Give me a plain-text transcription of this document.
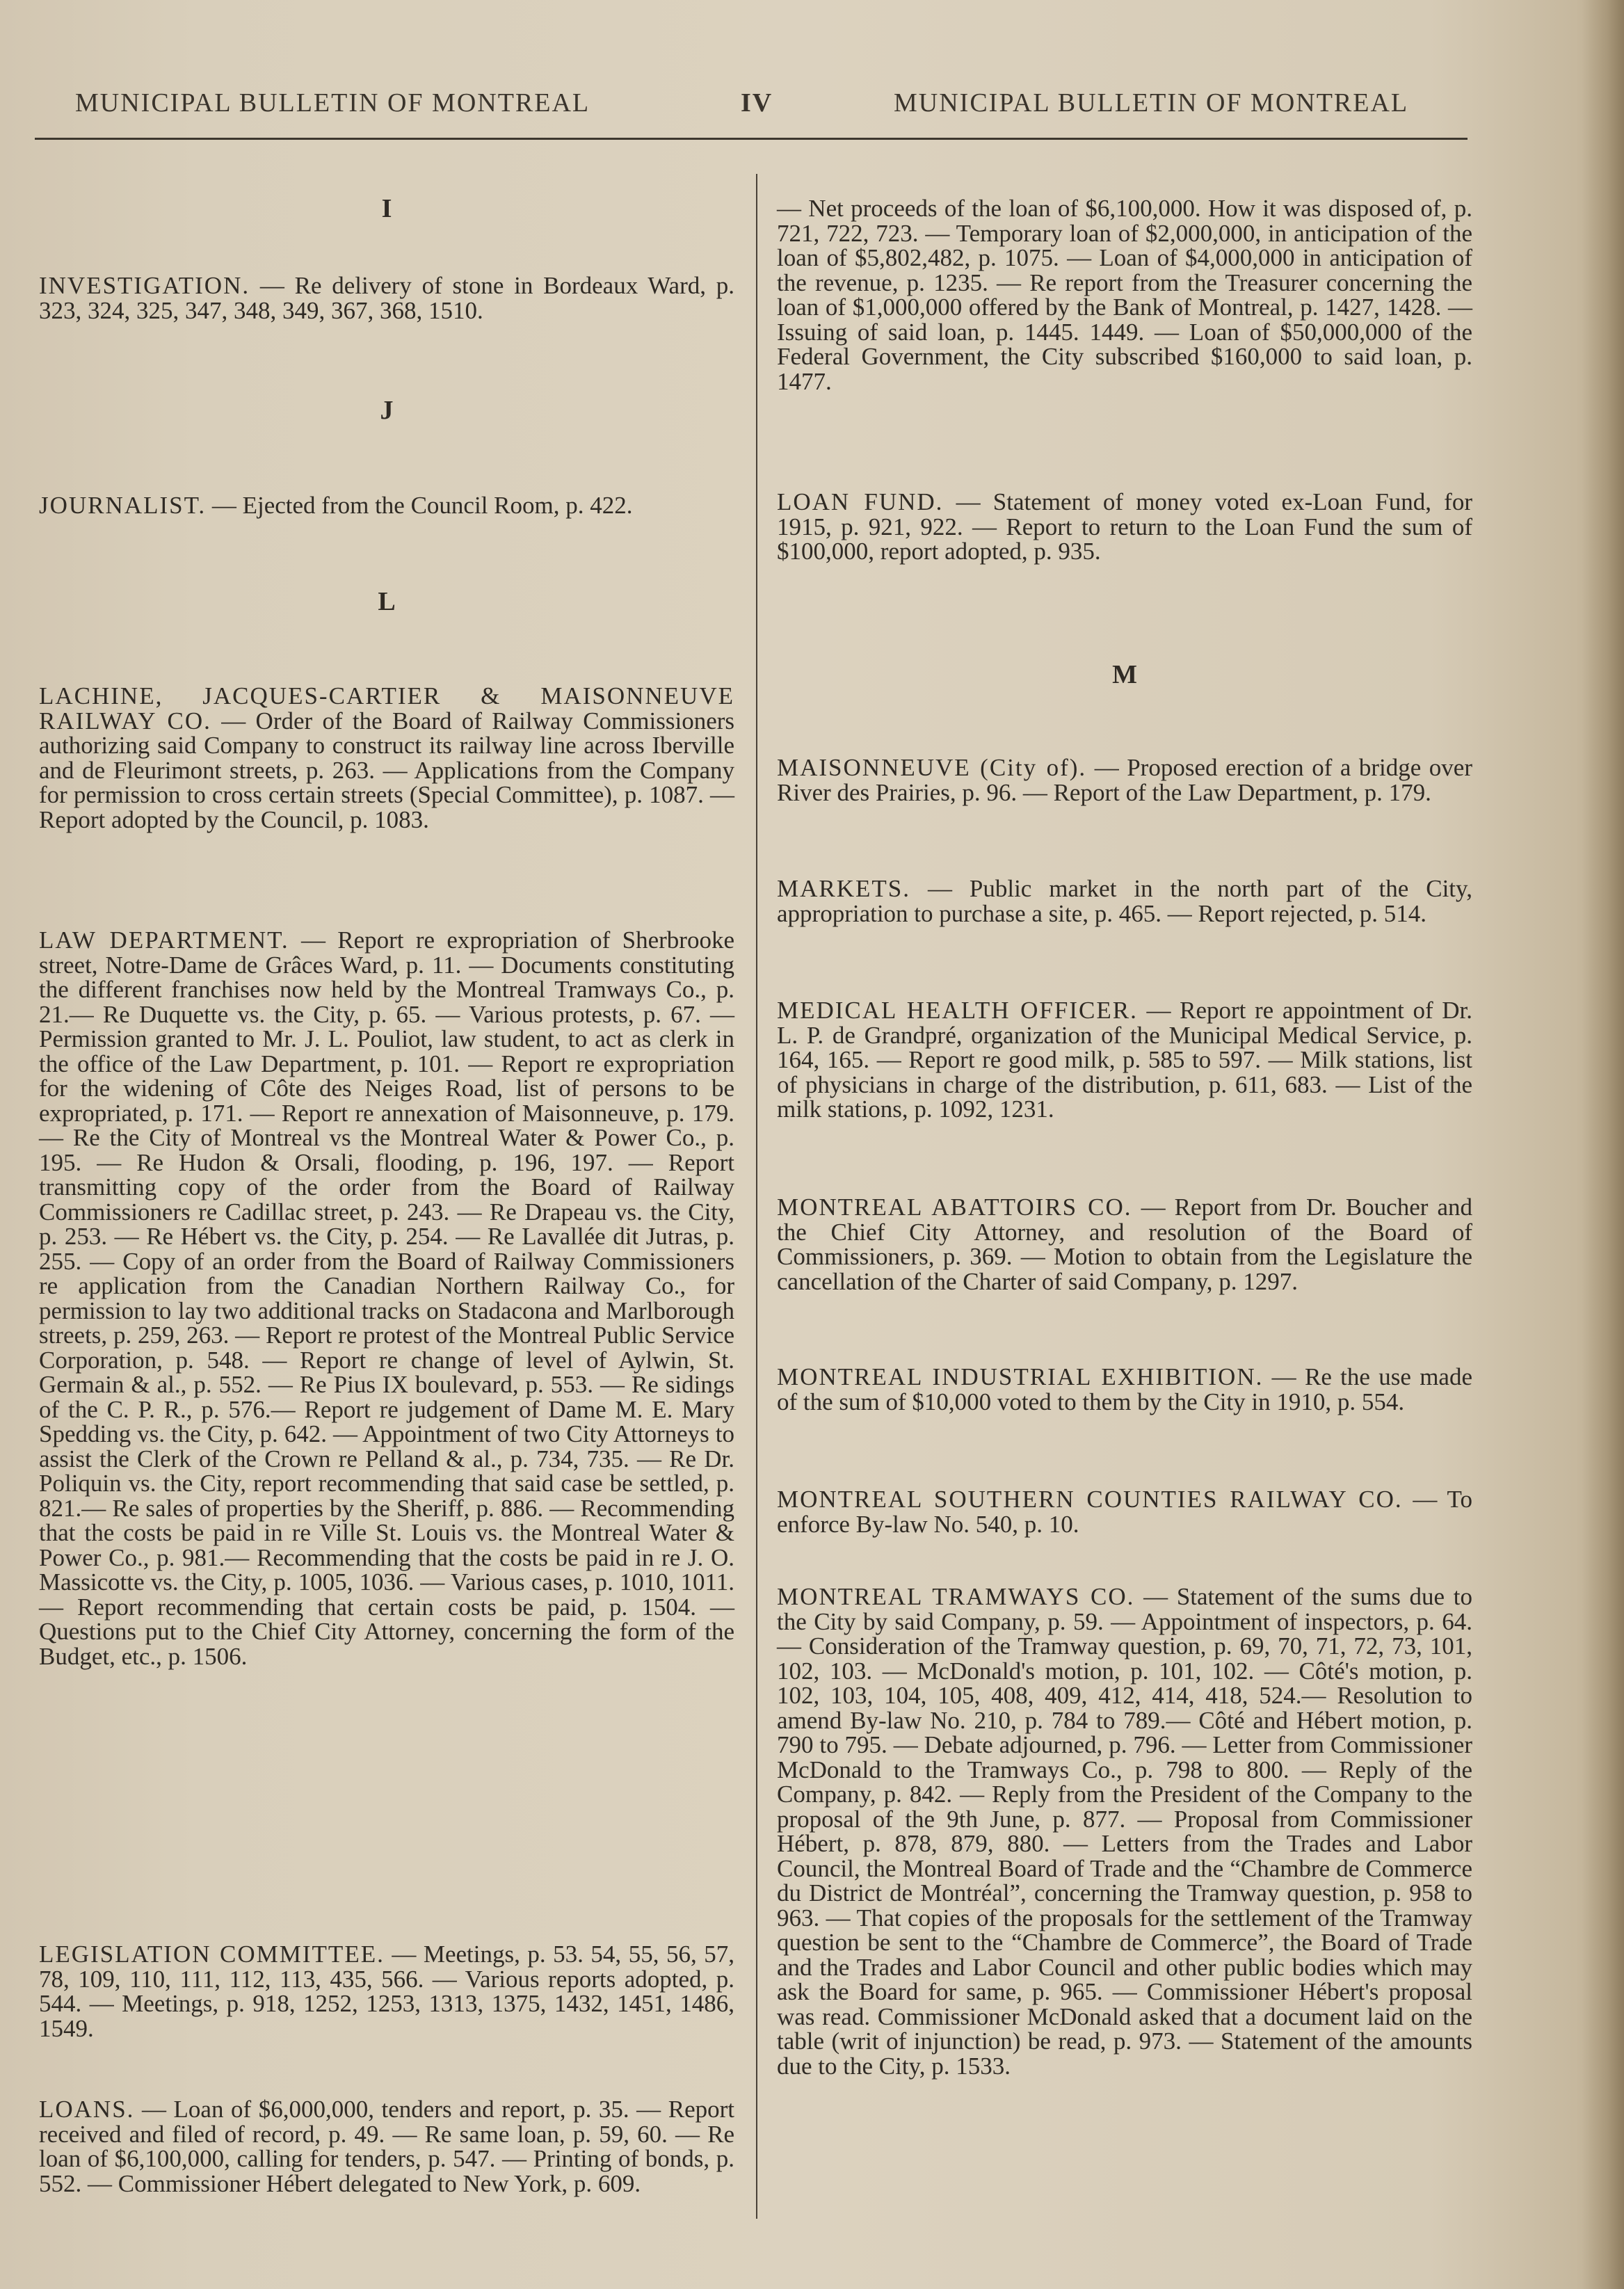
MUNICIPAL BULLETIN OF MONTREAL	IV	MUNICIPAL BULLETIN OF MONTREAL
I
INVESTIGATION. — Re delivery of stone in Bordeaux Ward, p. 323, 324, 325, 347, 348, 349, 367, 368, 1510.
J
JOURNALIST. — Ejected from the Council Room, p. 422.
L
LACHINE, JACQUES-CARTIER & MAISONNEUVE RAILWAY CO. — Order of the Board of Railway Commissioners authorizing said Company to construct its railway line across Iberville and de Fleurimont streets, p. 263. — Applications from the Company for permission to cross certain streets (Special Committee), p. 1087. — Report adopted by the Council, p. 1083.
LAW DEPARTMENT. — Report re expropriation of Sherbrooke street, Notre-Dame de Grâces Ward, p. 11. — Documents constituting the different franchises now held by the Montreal Tramways Co., p. 21.— Re Duquette vs. the City, p. 65. — Various protests, p. 67. — Permission granted to Mr. J. L. Pouliot, law student, to act as clerk in the office of the Law Department, p. 101. — Report re expropriation for the widening of Côte des Neiges Road, list of persons to be expropriated, p. 171. — Report re annexation of Maisonneuve, p. 179. — Re the City of Montreal vs the Montreal Water & Power Co., p. 195. — Re Hudon & Orsali, flooding, p. 196, 197. — Report transmitting copy of the order from the Board of Railway Commissioners re Cadillac street, p. 243. — Re Drapeau vs. the City, p. 253. — Re Hébert vs. the City, p. 254. — Re Lavallée dit Jutras, p. 255. — Copy of an order from the Board of Railway Commissioners re application from the Canadian Northern Railway Co., for permission to lay two additional tracks on Stadacona and Marlborough streets, p. 259, 263. — Report re protest of the Montreal Public Service Corporation, p. 548. — Report re change of level of Aylwin, St. Germain & al., p. 552. — Re Pius IX boulevard, p. 553. — Re sidings of the C. P. R., p. 576.— Report re judgement of Dame M. E. Mary Spedding vs. the City, p. 642. — Appointment of two City Attorneys to assist the Clerk of the Crown re Pelland & al., p. 734, 735. — Re Dr. Poliquin vs. the City, report recommending that said case be settled, p. 821.— Re sales of properties by the Sheriff, p. 886. — Recommending that the costs be paid in re Ville St. Louis vs. the Montreal Water & Power Co., p. 981.— Recommending that the costs be paid in re J. O. Massicotte vs. the City, p. 1005, 1036. — Various cases, p. 1010, 1011. — Report recommending that certain costs be paid, p. 1504. — Questions put to the Chief City Attorney, concerning the form of the Budget, etc., p. 1506.
LEGISLATION COMMITTEE. — Meetings, p. 53. 54, 55, 56, 57, 78, 109, 110, 111, 112, 113, 435, 566. — Various reports adopted, p. 544. — Meetings, p. 918, 1252, 1253, 1313, 1375, 1432, 1451, 1486, 1549.
LOANS. — Loan of $6,000,000, tenders and report, p. 35. — Report received and filed of record, p. 49. — Re same loan, p. 59, 60. — Re loan of $6,100,000, calling for tenders, p. 547. — Printing of bonds, p. 552. — Commissioner Hébert delegated to New York, p. 609.
— Net proceeds of the loan of $6,100,000. How it was disposed of, p. 721, 722, 723. — Temporary loan of $2,000,000, in anticipation of the loan of $5,802,482, p. 1075. — Loan of $4,000,000 in anticipation of the revenue, p. 1235. — Re report from the Treasurer concerning the loan of $1,000,000 offered by the Bank of Montreal, p. 1427, 1428. — Issuing of said loan, p. 1445. 1449. — Loan of $50,000,000 of the Federal Government, the City subscribed $160,000 to said loan, p. 1477.
LOAN FUND. — Statement of money voted ex-Loan Fund, for 1915, p. 921, 922. — Report to return to the Loan Fund the sum of $100,000, report adopted, p. 935.
M
MAISONNEUVE (City of). — Proposed erection of a bridge over River des Prairies, p. 96. — Report of the Law Department, p. 179.
MARKETS. — Public market in the north part of the City, appropriation to purchase a site, p. 465. — Report rejected, p. 514.
MEDICAL HEALTH OFFICER. — Report re appointment of Dr. L. P. de Grandpré, organization of the Municipal Medical Service, p. 164, 165. — Report re good milk, p. 585 to 597. — Milk stations, list of physicians in charge of the distribution, p. 611, 683. — List of the milk stations, p. 1092, 1231.
MONTREAL ABATTOIRS CO. — Report from Dr. Boucher and the Chief City Attorney, and resolution of the Board of Commissioners, p. 369. — Motion to obtain from the Legislature the cancellation of the Charter of said Company, p. 1297.
MONTREAL INDUSTRIAL EXHIBITION. — Re the use made of the sum of $10,000 voted to them by the City in 1910, p. 554.
MONTREAL SOUTHERN COUNTIES RAILWAY CO. — To enforce By-law No. 540, p. 10.
MONTREAL TRAMWAYS CO. — Statement of the sums due to the City by said Company, p. 59. — Appointment of inspectors, p. 64. — Consideration of the Tramway question, p. 69, 70, 71, 72, 73, 101, 102, 103. — McDonald's motion, p. 101, 102. — Côté's motion, p. 102, 103, 104, 105, 408, 409, 412, 414, 418, 524.— Resolution to amend By-law No. 210, p. 784 to 789.— Côté and Hébert motion, p. 790 to 795. — Debate adjourned, p. 796. — Letter from Commissioner McDonald to the Tramways Co., p. 798 to 800. — Reply of the Company, p. 842. — Reply from the President of the Company to the proposal of the 9th June, p. 877. — Proposal from Commissioner Hébert, p. 878, 879, 880. — Letters from the Trades and Labor Council, the Montreal Board of Trade and the “Chambre de Commerce du District de Montréal”, concerning the Tramway question, p. 958 to 963. — That copies of the proposals for the settlement of the Tramway question be sent to the “Chambre de Commerce”, the Board of Trade and the Trades and Labor Council and other public bodies which may ask the Board for same, p. 965. — Commissioner Hébert's proposal was read. Commissioner McDonald asked that a document laid on the table (writ of injunction) be read, p. 973. — Statement of the amounts due to the City, p. 1533.
